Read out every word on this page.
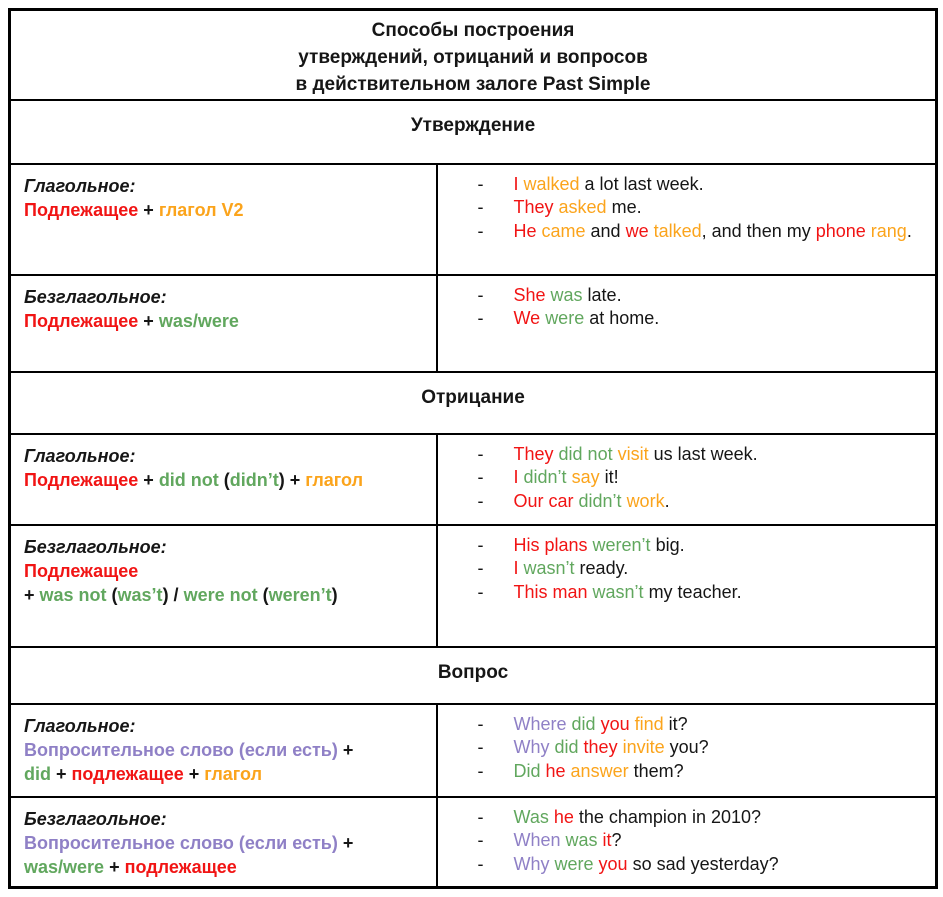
Способы построения
утверждений, отрицаний и вопросов
в действительном залоге Past Simple	

Утверждение	

Глагольное:
Подлежащее + глагол V2

-	I walked a lot last week.
-	They asked me.
-	He came and we talked, and then my phone rang.

Безглагольное:
Подлежащее + was/were

-	She was late.
-	We were at home.

Отрицание	

Глагольное:
Подлежащее + did not (didn’t) + глагол

-	They did not visit us last week.
-	I didn’t say it!
-	Our car didn’t work.

Безглагольное:
Подлежащее
+ was not (was’t) / were not (weren’t)

-	His plans weren’t big.
-	I wasn’t ready.
-	This man wasn’t my teacher.

Вопрос	

Глагольное:
Вопросительное слово (если есть) +
did + подлежащее + глагол

-	Where did you find it?
-	Why did they invite you?
-	Did he answer them?

Безглагольное:
Вопросительное слово (если есть) +
was/were + подлежащее

-	Was he the champion in 2010?
-	When was it?
-	Why were you so sad yesterday?
